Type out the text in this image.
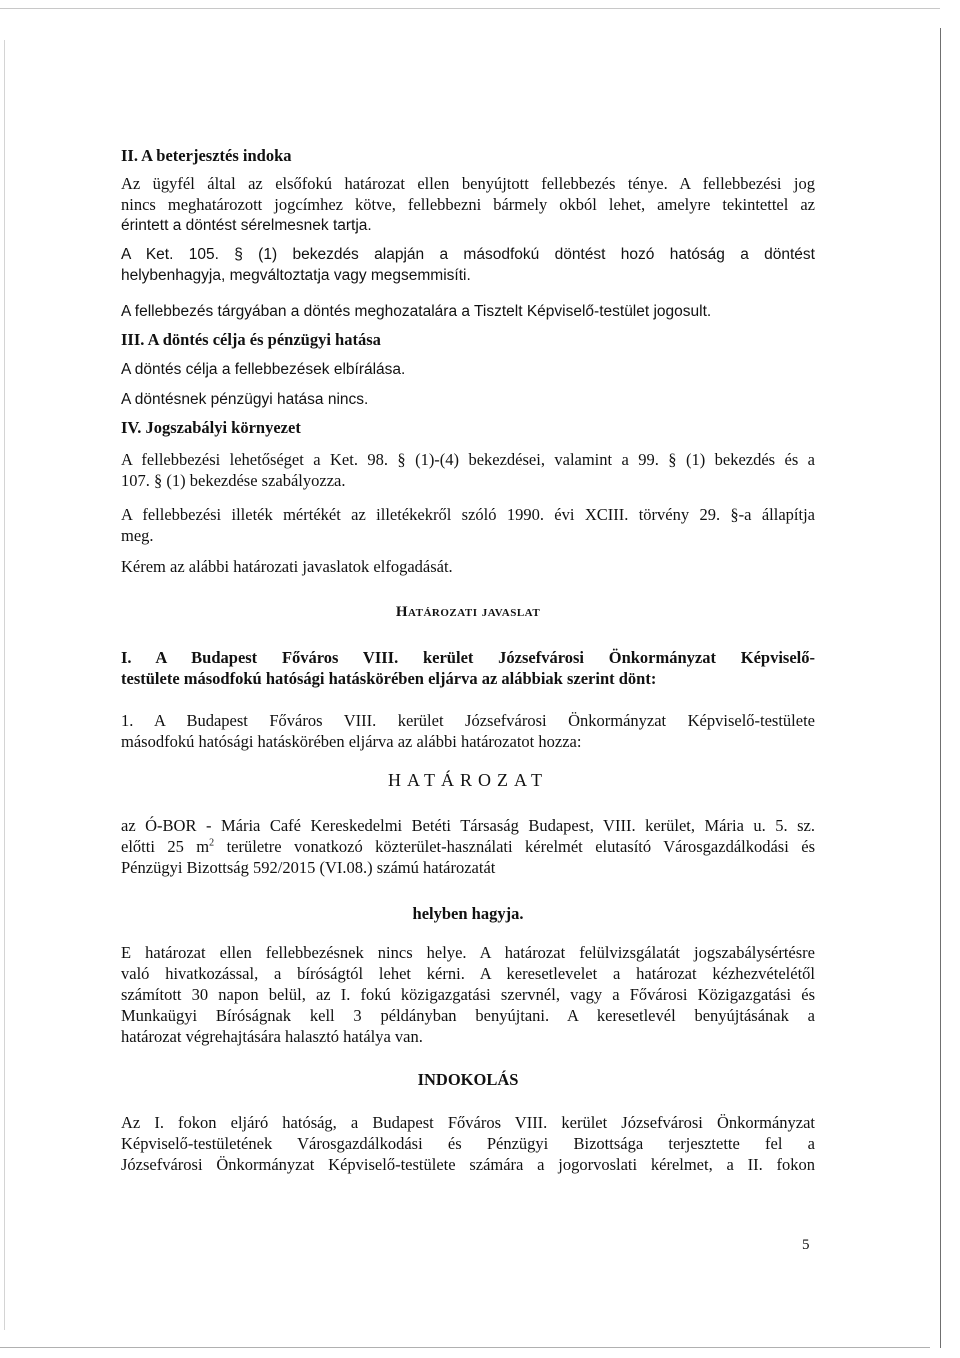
II. A beterjesztés indoka

Az ügyfél által az elsőfokú határozat ellen benyújtott fellebbezés ténye. A fellebbezési jog
nincs meghatározott jogcímhez kötve, fellebbezni bármely okból lehet, amelyre tekintettel az
érintett a döntést sérelmesnek tartja.

A Ket. 105. § (1) bekezdés alapján a másodfokú döntést hozó hatóság a döntést
helybenhagyja, megváltoztatja vagy megsemmisíti.

A fellebbezés tárgyában a döntés meghozatalára a Tisztelt Képviselő-testület jogosult.

III. A döntés célja és pénzügyi hatása

A döntés célja a fellebbezések elbírálása.

A döntésnek pénzügyi hatása nincs.

IV. Jogszabályi környezet

A fellebbezési lehetőséget a Ket. 98. § (1)-(4) bekezdései, valamint a 99. § (1) bekezdés és a
107. § (1) bekezdése szabályozza.

A fellebbezési illeték mértékét az illetékekről szóló 1990. évi XCIII. törvény 29. §-a állapítja
meg.

Kérem az alábbi határozati javaslatok elfogadását.

Határozati javaslat

I. A Budapest Főváros VIII. kerület Józsefvárosi Önkormányzat Képviselő-
testülete másodfokú hatósági hatáskörében eljárva az alábbiak szerint dönt:

1. A Budapest Főváros VIII. kerület Józsefvárosi Önkormányzat Képviselő-testülete
másodfokú hatósági hatáskörében eljárva az alábbi határozatot hozza:

HATÁROZAT

az Ó-BOR - Mária Café Kereskedelmi Betéti Társaság Budapest, VIII. kerület, Mária u. 5. sz.
előtti 25 $m^2$ területre vonatkozó közterület-használati kérelmét elutasító Városgazdálkodási és
Pénzügyi Bizottság 592/2015 (VI.08.) számú határozatát

helyben hagyja.

E határozat ellen fellebbezésnek nincs helye. A határozat felülvizsgálatát jogszabálysértésre
való hivatkozással, a bíróságtól lehet kérni. A keresetlevelet a határozat kézhezvételétől
számított 30 napon belül, az I. fokú közigazgatási szervnél, vagy a Fővárosi Közigazgatási és
Munkaügyi Bíróságnak kell 3 példányban benyújtani. A keresetlevél benyújtásának a
határozat végrehajtására halasztó hatálya van.

INDOKOLÁS

Az I. fokon eljáró hatóság, a Budapest Főváros VIII. kerület Józsefvárosi Önkormányzat
Képviselő-testületének Városgazdálkodási és Pénzügyi Bizottsága terjesztette fel a
Józsefvárosi Önkormányzat Képviselő-testülete számára a jogorvoslati kérelmet, a II. fokon

5
